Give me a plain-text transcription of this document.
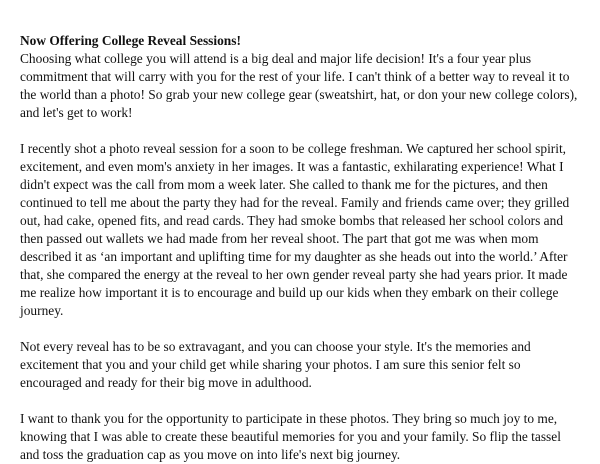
Now Offering College Reveal Sessions!
Choosing what college you will attend is a big deal and major life decision! It's a four year plus commitment that will carry with you for the rest of your life. I can't think of a better way to reveal it to the world than a photo! So grab your new college gear (sweatshirt, hat, or don your new college colors), and let's get to work!

I recently shot a photo reveal session for a soon to be college freshman. We captured her school spirit, excitement, and even mom's anxiety in her images. It was a fantastic, exhilarating experience! What I didn't expect was the call from mom a week later. She called to thank me for the pictures, and then continued to tell me about the party they had for the reveal. Family and friends came over; they grilled out, had cake, opened fits, and read cards. They had smoke bombs that released her school colors and then passed out wallets we had made from her reveal shoot. The part that got me was when mom described it as ‘an important and uplifting time for my daughter as she heads out into the world.’ After that, she compared the energy at the reveal to her own gender reveal party she had years prior. It made me realize how important it is to encourage and build up our kids when they embark on their college journey.

Not every reveal has to be so extravagant, and you can choose your style. It's the memories and excitement that you and your child get while sharing your photos. I am sure this senior felt so encouraged and ready for their big move in adulthood.

I want to thank you for the opportunity to participate in these photos. They bring so much joy to me, knowing that I was able to create these beautiful memories for you and your family. So flip the tassel and toss the graduation cap as you move on into life's next big journey.
